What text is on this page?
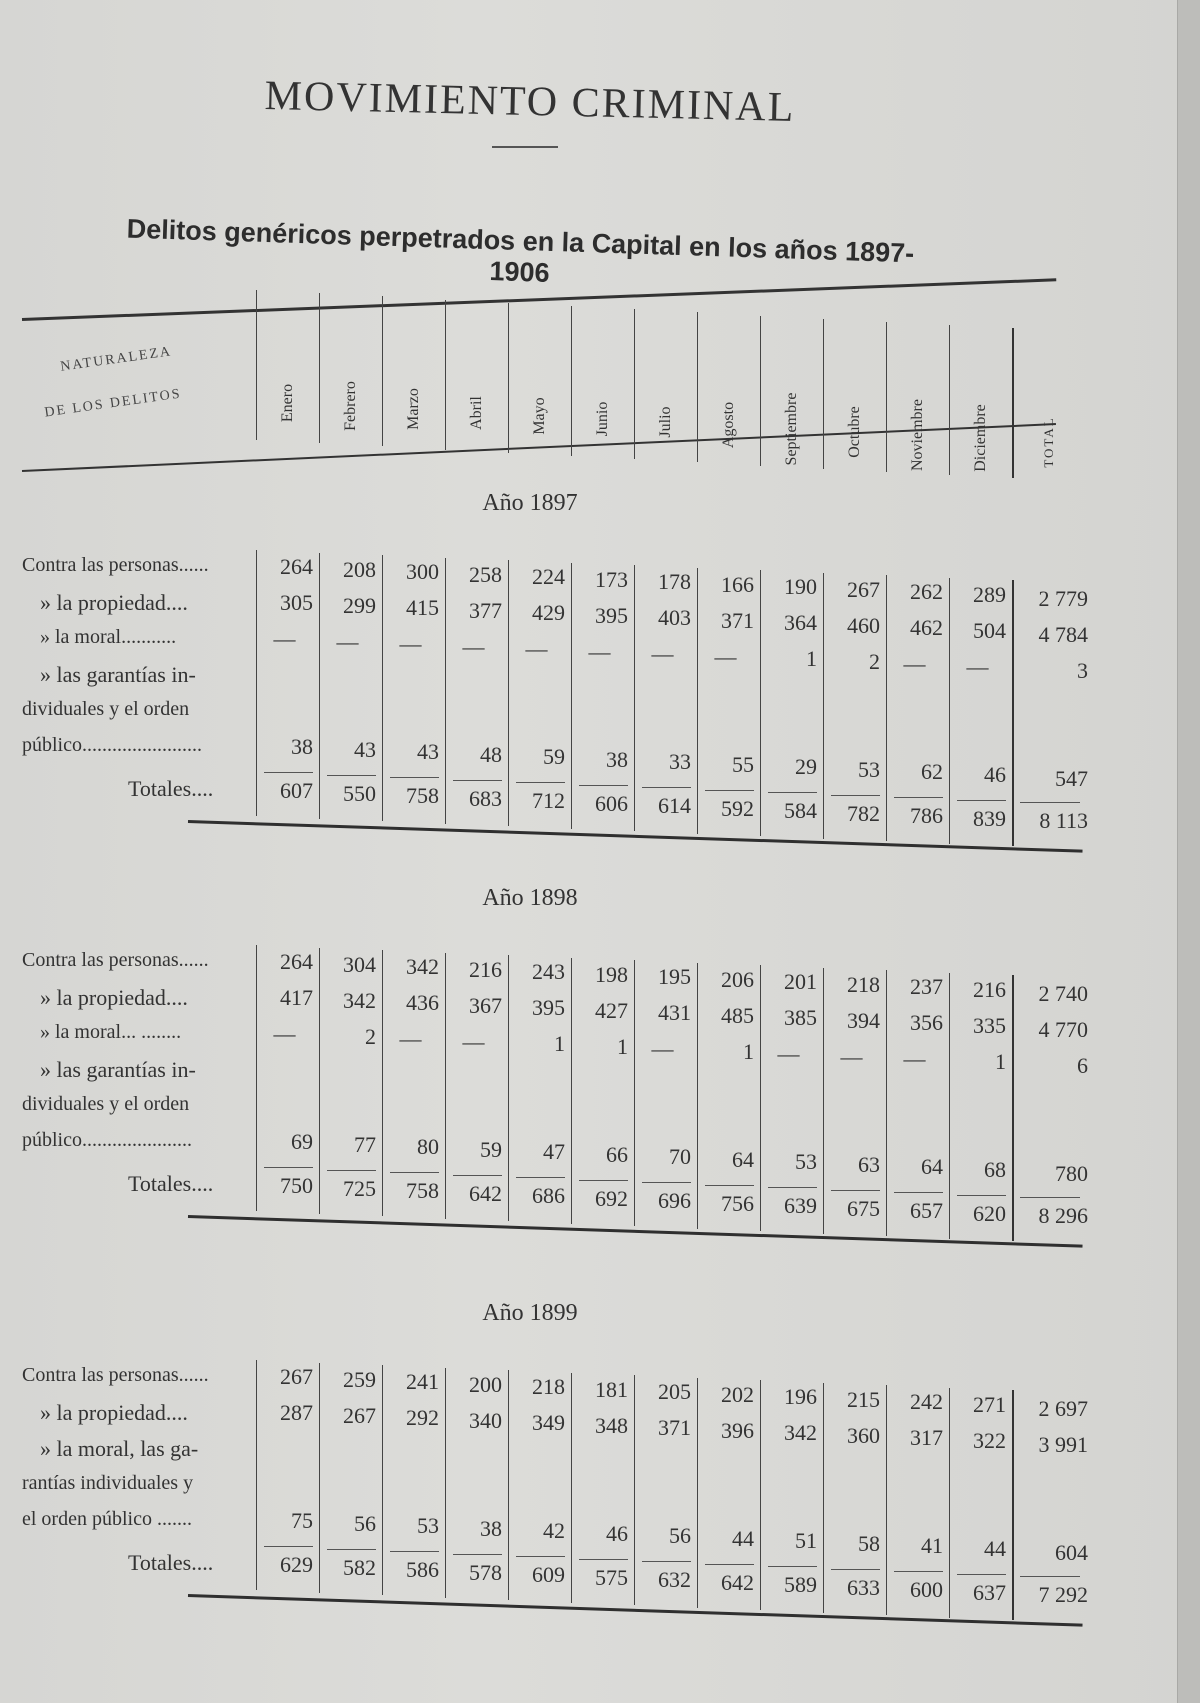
MOVIMIENTO CRIMINAL
Delitos genéricos perpetrados en la Capital en los años 1897-1906
NATURALEZA
DE LOS DELITOS	Enero	Febrero	Marzo	Abril	Mayo	Junio	Julio	Agosto	Septiembre	Octubre	Noviembre	Diciembre	TOTAL
Año 1897
Contra las personas......	264	208	300	258	224	173	178	166	190	267	262	289	2 779
» la propiedad....	305	299	415	377	429	395	403	371	364	460	462	504	4 784
» la moral...........	—	—	—	—	—	—	—	—	1	2	—	—	3
» las garantías in-
dividuales y el orden
público........................	38	43	43	48	59	38	33	55	29	53	62	46	547
Totales....	607	550	758	683	712	606	614	592	584	782	786	839	8 113
Año 1898
Contra las personas......	264	304	342	216	243	198	195	206	201	218	237	216	2 740
» la propiedad....	417	342	436	367	395	427	431	485	385	394	356	335	4 770
» la moral... ........	—	2	—	—	1	1	—	1	—	—	—	1	6
» las garantías in-
dividuales y el orden
público......................	69	77	80	59	47	66	70	64	53	63	64	68	780
Totales....	750	725	758	642	686	692	696	756	639	675	657	620	8 296
Año 1899
Contra las personas......	267	259	241	200	218	181	205	202	196	215	242	271	2 697
» la propiedad....	287	267	292	340	349	348	371	396	342	360	317	322	3 991
» la moral, las ga-
rantías individuales y
el orden público .......	75	56	53	38	42	46	56	44	51	58	41	44	604
Totales....	629	582	586	578	609	575	632	642	589	633	600	637	7 292
